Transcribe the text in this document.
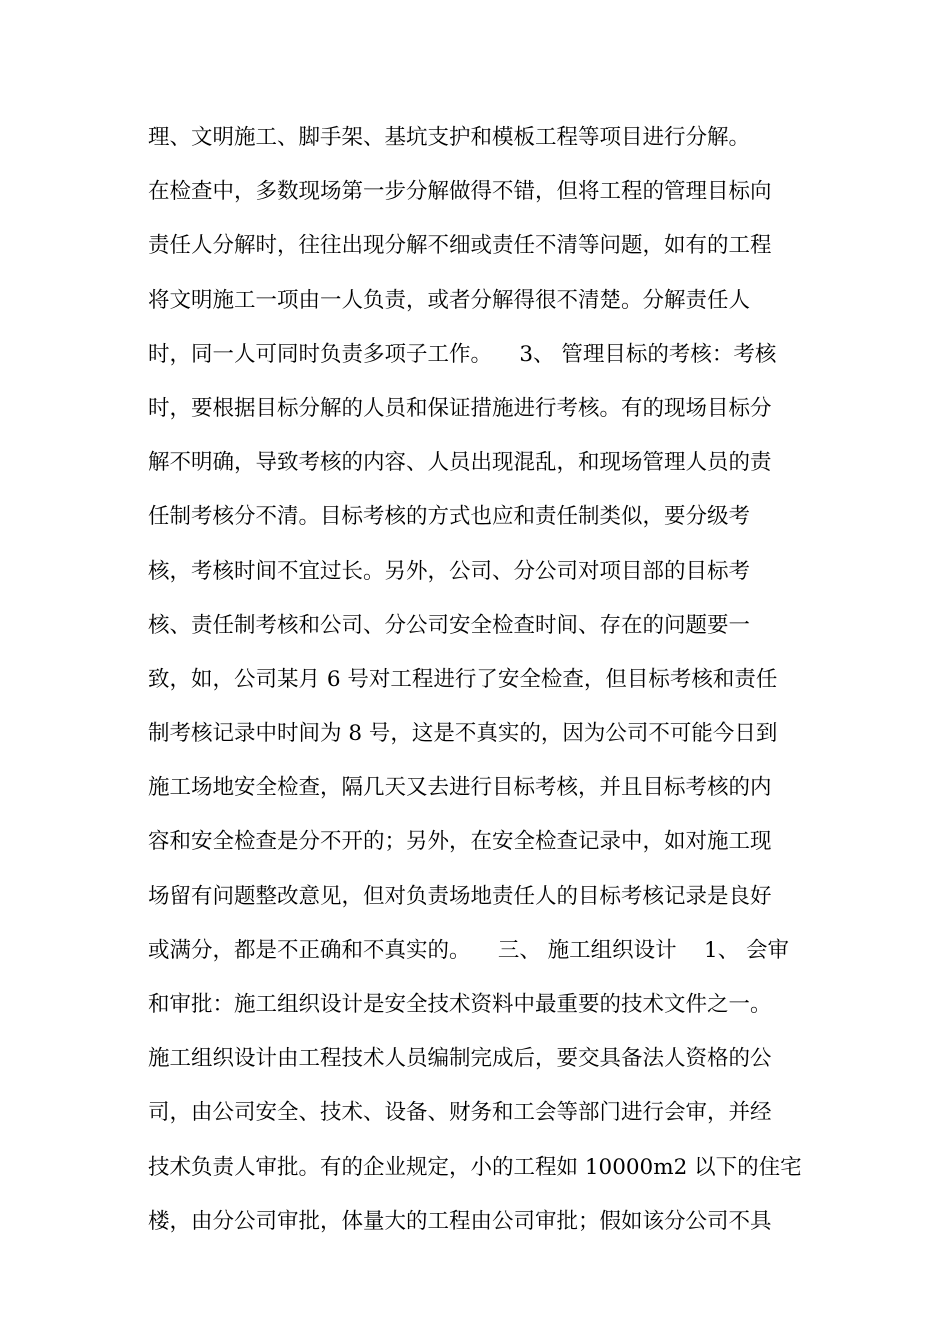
理、文明施工、脚手架、基坑支护和模板工程等项目进行分解。
在检查中，多数现场第一步分解做得不错，但将工程的管理目标向
责任人分解时，往往出现分解不细或责任不清等问题，如有的工程
将文明施工一项由一人负责，或者分解得很不清楚。分解责任人
时，同一人可同时负责多项子工作。    3、 管理目标的考核：考核
时，要根据目标分解的人员和保证措施进行考核。有的现场目标分
解不明确，导致考核的内容、人员出现混乱，和现场管理人员的责
任制考核分不清。目标考核的方式也应和责任制类似，要分级考
核，考核时间不宜过长。另外，公司、分公司对项目部的目标考
核、责任制考核和公司、分公司安全检查时间、存在的问题要一
致，如，公司某月 6 号对工程进行了安全检查，但目标考核和责任
制考核记录中时间为 8 号，这是不真实的，因为公司不可能今日到
施工场地安全检查，隔几天又去进行目标考核，并且目标考核的内
容和安全检查是分不开的；另外，在安全检查记录中，如对施工现
场留有问题整改意见，但对负责场地责任人的目标考核记录是良好
或满分，都是不正确和不真实的。    三、 施工组织设计    1、 会审
和审批：施工组织设计是安全技术资料中最重要的技术文件之一。
施工组织设计由工程技术人员编制完成后，要交具备法人资格的公
司，由公司安全、技术、设备、财务和工会等部门进行会审，并经
技术负责人审批。有的企业规定，小的工程如 10000m2 以下的住宅
楼，由分公司审批，体量大的工程由公司审批；假如该分公司不具
